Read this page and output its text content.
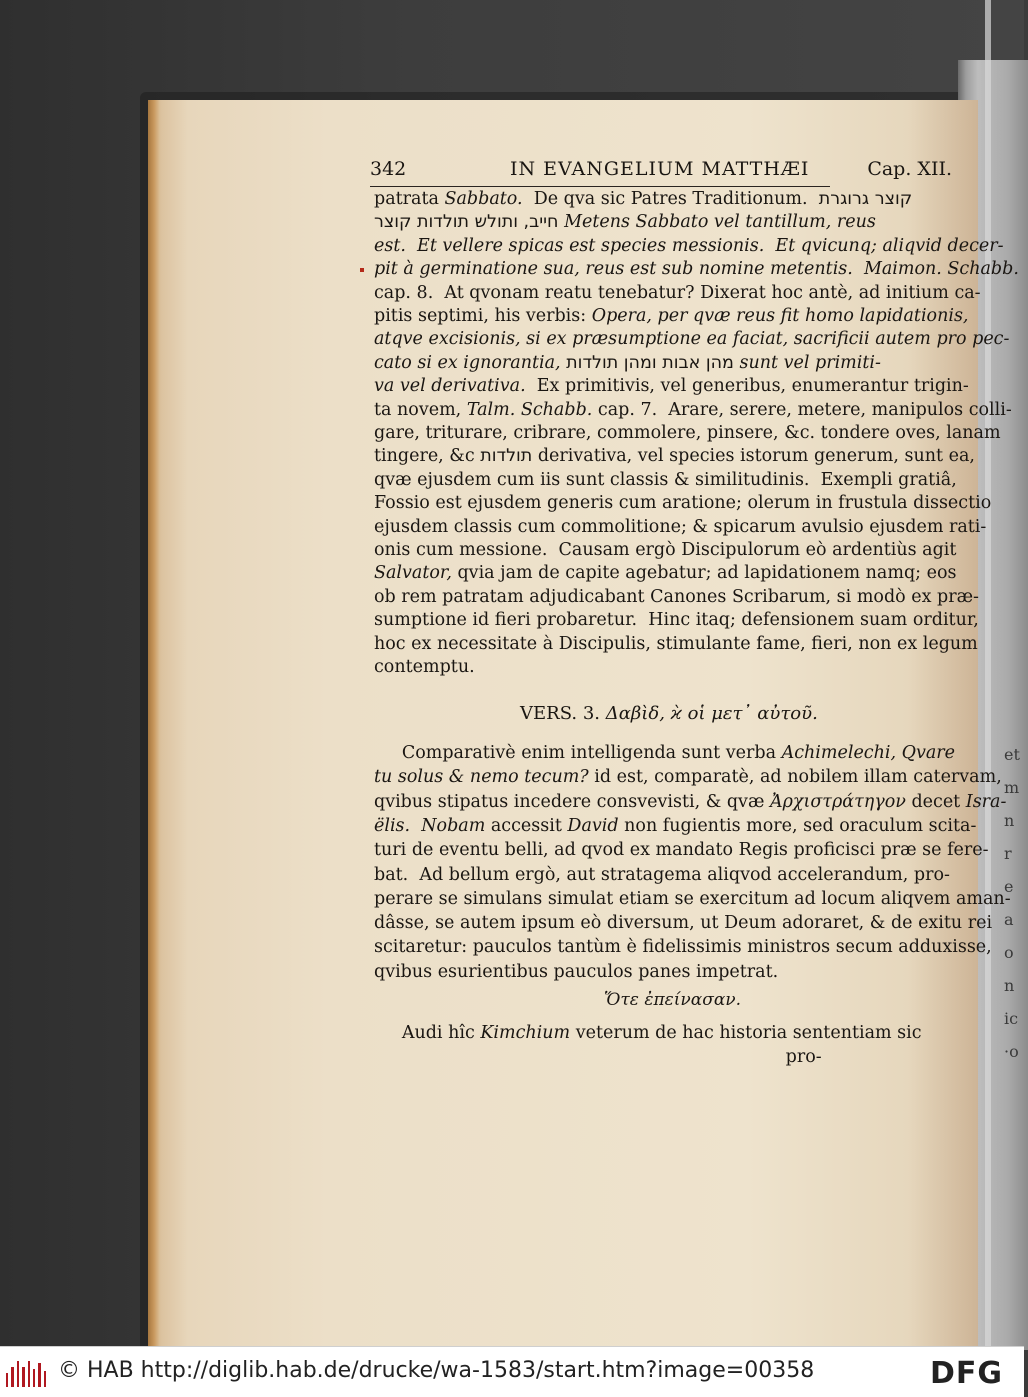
342	IN EVANGELIUM MATTHÆI	Cap. XII.
patrata Sabbato.  De qva sic Patres Traditionum.  קוצר גרוגרת
חייב, ותולש תולדות קוצר Metens Sabbato vel tantillum, reus
est.  Et vellere spicas est species messionis.  Et qvicunq; aliqvid decer-
pit à germinatione sua, reus est sub nomine metentis.  Maimon. Schabb.
cap. 8.  At qvonam reatu tenebatur? Dixerat hoc antè, ad initium ca-
pitis septimi, his verbis: Opera, per qvæ reus fit homo lapidationis,
atqve excisionis, si ex præsumptione ea faciat, sacrificii autem pro pec-
cato si ex ignorantia, מהן אבות ומהן תולדות sunt vel primiti-
va vel derivativa.  Ex primitivis, vel generibus, enumerantur trigin-
ta novem, Talm. Schabb. cap. 7.  Arare, serere, metere, manipulos colli-
gare, triturare, cribrare, commolere, pinsere, &c. tondere oves, lanam
tingere, &c תולדות derivativa, vel species istorum generum, sunt ea,
qvæ ejusdem cum iis sunt classis & similitudinis.  Exempli gratiâ,
Fossio est ejusdem generis cum aratione; olerum in frustula dissectio
ejusdem classis cum commolitione; & spicarum avulsio ejusdem rati-
onis cum messione.  Causam ergò Discipulorum eò ardentiùs agit
Salvator, qvia jam de capite agebatur; ad lapidationem namq; eos
ob rem patratam adjudicabant Canones Scribarum, si modò ex præ-
sumptione id fieri probaretur.  Hinc itaq; defensionem suam orditur,
hoc ex necessitate à Discipulis, stimulante fame, fieri, non ex legum
contemptu.
VERS. 3. Δαβὶδ, ϰ̀ οἱ μετ᾽ αὐτοῦ.
Comparativè enim intelligenda sunt verba Achimelechi, Qvare
tu solus & nemo tecum? id est, comparatè, ad nobilem illam catervam,
qvibus stipatus incedere consvevisti, & qvæ Ἀρχιστράτηγον decet Isra-
ëlis.  Nobam accessit David non fugientis more, sed oraculum scita-
turi de eventu belli, ad qvod ex mandato Regis proficisci præ se fere-
bat.  Ad bellum ergò, aut stratagema aliqvod accelerandum, pro-
perare se simulans simulat etiam se exercitum ad locum aliqvem aman-
dâsse, se autem ipsum eò diversum, ut Deum adoraret, & de exitu rei
scitaretur: pauculos tantùm è fidelissimis ministros secum adduxisse,
qvibus esurientibus pauculos panes impetrat.
Ὅτε ἐπείνασαν.
Audi hîc Kimchium veterum de hac historia sententiam sic
pro-
et
m
n
r
e
a
o
n
ic
·o
© HAB http://diglib.hab.de/drucke/wa-1583/start.htm?image=00358	DFG
